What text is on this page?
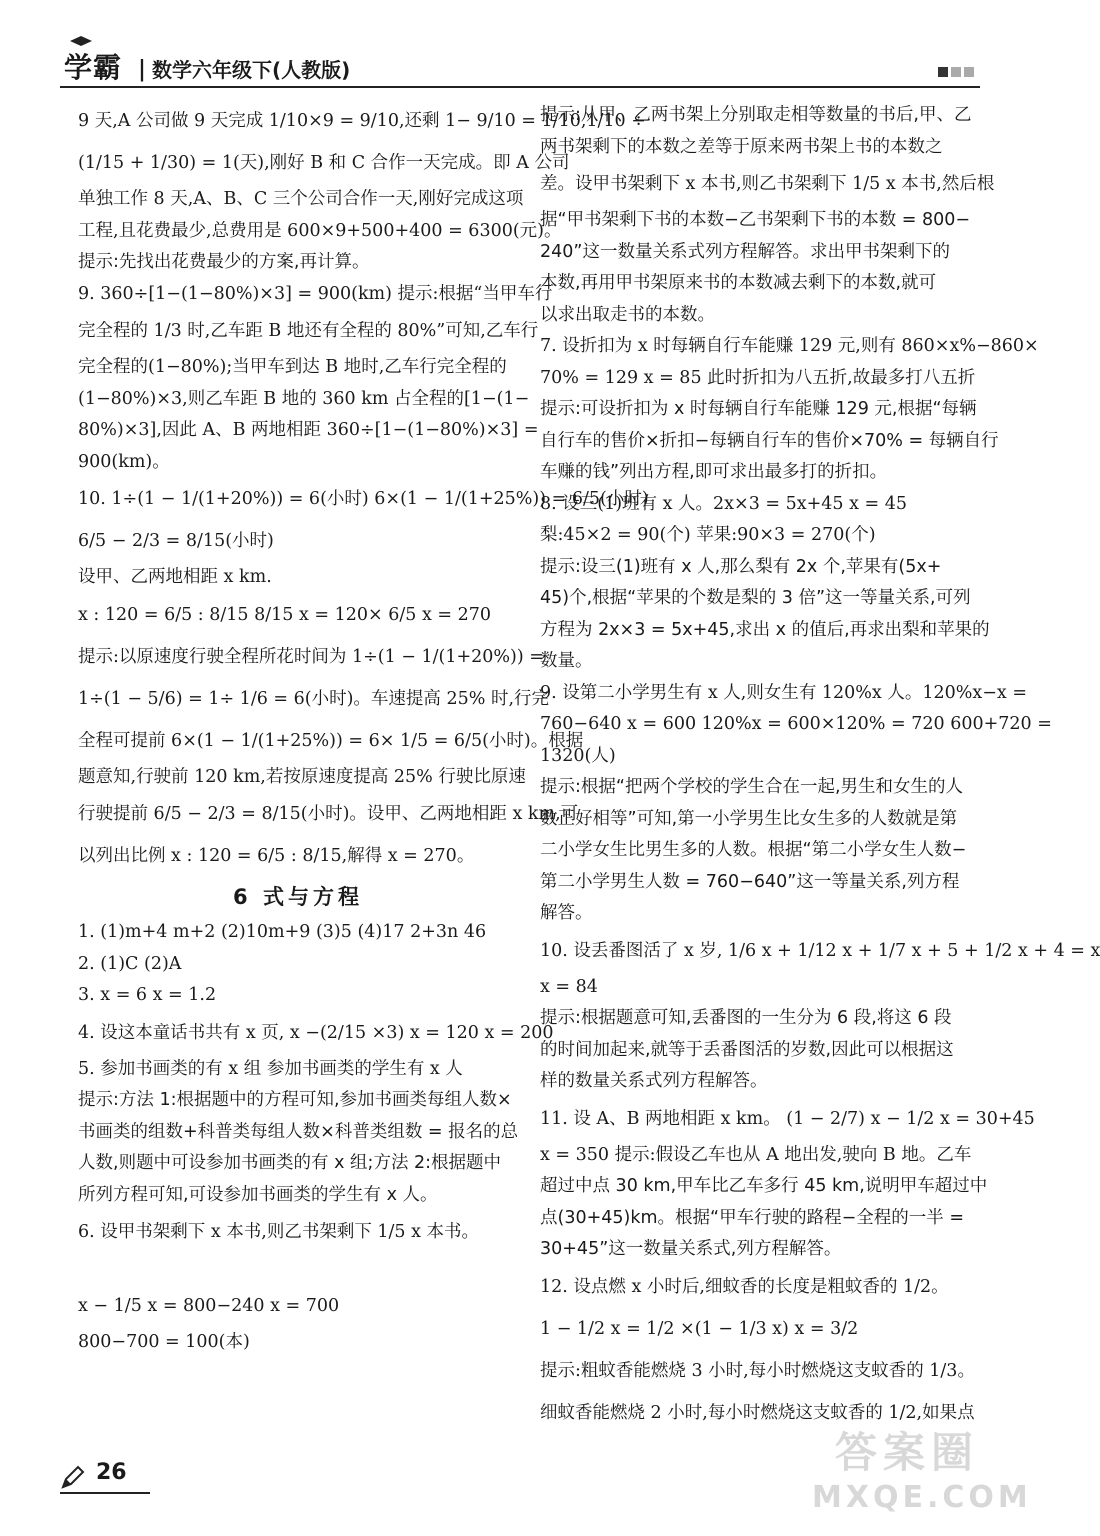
学霸 | 数学六年级下(人教版)
9 天,A 公司做 9 天完成 1/10×9 = 9/10,还剩 1− 9/10 = 1/10,1/10 ÷
(1/15 + 1/30) = 1(天),刚好 B 和 C 合作一天完成。即 A 公司
单独工作 8 天,A、B、C 三个公司合作一天,刚好完成这项
工程,且花费最少,总费用是 600×9+500+400 = 6300(元)。
提示:先找出花费最少的方案,再计算。
9. 360÷[1−(1−80%)×3] = 900(km) 提示:根据“当甲车行
完全程的 1/3 时,乙车距 B 地还有全程的 80%”可知,乙车行
完全程的(1−80%);当甲车到达 B 地时,乙车行完全程的
(1−80%)×3,则乙车距 B 地的 360 km 占全程的[1−(1−
80%)×3],因此 A、B 两地相距 360÷[1−(1−80%)×3] =
900(km)。
10. 1÷(1 − 1/(1+20%)) = 6(小时) 6×(1 − 1/(1+25%)) = 6/5(小时)
6/5 − 2/3 = 8/15(小时)
设甲、乙两地相距 x km.
x : 120 = 6/5 : 8/15 8/15 x = 120× 6/5 x = 270
提示:以原速度行驶全程所花时间为 1÷(1 − 1/(1+20%)) =
1÷(1 − 5/6) = 1÷ 1/6 = 6(小时)。车速提高 25% 时,行完
全程可提前 6×(1 − 1/(1+25%)) = 6× 1/5 = 6/5(小时)。根据
题意知,行驶前 120 km,若按原速度提高 25% 行驶比原速
行驶提前 6/5 − 2/3 = 8/15(小时)。设甲、乙两地相距 x km,可
以列出比例 x : 120 = 6/5 : 8/15,解得 x = 270。
6 式与方程
1. (1)m+4 m+2 (2)10m+9 (3)5 (4)17 2+3n 46
2. (1)C (2)A
3. x = 6 x = 1.2
4. 设这本童话书共有 x 页, x −(2/15 ×3) x = 120 x = 200
5. 参加书画类的有 x 组 参加书画类的学生有 x 人
提示:方法 1:根据题中的方程可知,参加书画类每组人数×
书画类的组数+科普类每组人数×科普类组数 = 报名的总
人数,则题中可设参加书画类的有 x 组;方法 2:根据题中
所列方程可知,可设参加书画类的学生有 x 人。
6. 设甲书架剩下 x 本书,则乙书架剩下 1/5 x 本书。
x − 1/5 x = 800−240 x = 700
800−700 = 100(本)
提示:从甲、乙两书架上分别取走相等数量的书后,甲、乙
两书架剩下的本数之差等于原来两书架上书的本数之
差。设甲书架剩下 x 本书,则乙书架剩下 1/5 x 本书,然后根
据“甲书架剩下书的本数−乙书架剩下书的本数 = 800−
240”这一数量关系式列方程解答。求出甲书架剩下的
本数,再用甲书架原来书的本数减去剩下的本数,就可
以求出取走书的本数。
7. 设折扣为 x 时每辆自行车能赚 129 元,则有 860×x%−860×
70% = 129 x = 85 此时折扣为八五折,故最多打八五折
提示:可设折扣为 x 时每辆自行车能赚 129 元,根据“每辆
自行车的售价×折扣−每辆自行车的售价×70% = 每辆自行
车赚的钱”列出方程,即可求出最多打的折扣。
8. 设三(1)班有 x 人。2x×3 = 5x+45 x = 45
梨:45×2 = 90(个) 苹果:90×3 = 270(个)
提示:设三(1)班有 x 人,那么梨有 2x 个,苹果有(5x+
45)个,根据“苹果的个数是梨的 3 倍”这一等量关系,可列
方程为 2x×3 = 5x+45,求出 x 的值后,再求出梨和苹果的
数量。
9. 设第二小学男生有 x 人,则女生有 120%x 人。120%x−x =
760−640 x = 600 120%x = 600×120% = 720 600+720 =
1320(人)
提示:根据“把两个学校的学生合在一起,男生和女生的人
数正好相等”可知,第一小学男生比女生多的人数就是第
二小学女生比男生多的人数。根据“第二小学女生人数−
第二小学男生人数 = 760−640”这一等量关系,列方程
解答。
10. 设丢番图活了 x 岁, 1/6 x + 1/12 x + 1/7 x + 5 + 1/2 x + 4 = x
x = 84
提示:根据题意可知,丢番图的一生分为 6 段,将这 6 段
的时间加起来,就等于丢番图活的岁数,因此可以根据这
样的数量关系式列方程解答。
11. 设 A、B 两地相距 x km。 (1 − 2/7) x − 1/2 x = 30+45
x = 350 提示:假设乙车也从 A 地出发,驶向 B 地。乙车
超过中点 30 km,甲车比乙车多行 45 km,说明甲车超过中
点(30+45)km。根据“甲车行驶的路程−全程的一半 =
30+45”这一数量关系式,列方程解答。
12. 设点燃 x 小时后,细蚊香的长度是粗蚊香的 1/2。
1 − 1/2 x = 1/2 ×(1 − 1/3 x) x = 3/2
提示:粗蚊香能燃烧 3 小时,每小时燃烧这支蚊香的 1/3。
细蚊香能燃烧 2 小时,每小时燃烧这支蚊香的 1/2,如果点
26	答案圈
MXQE.COM
